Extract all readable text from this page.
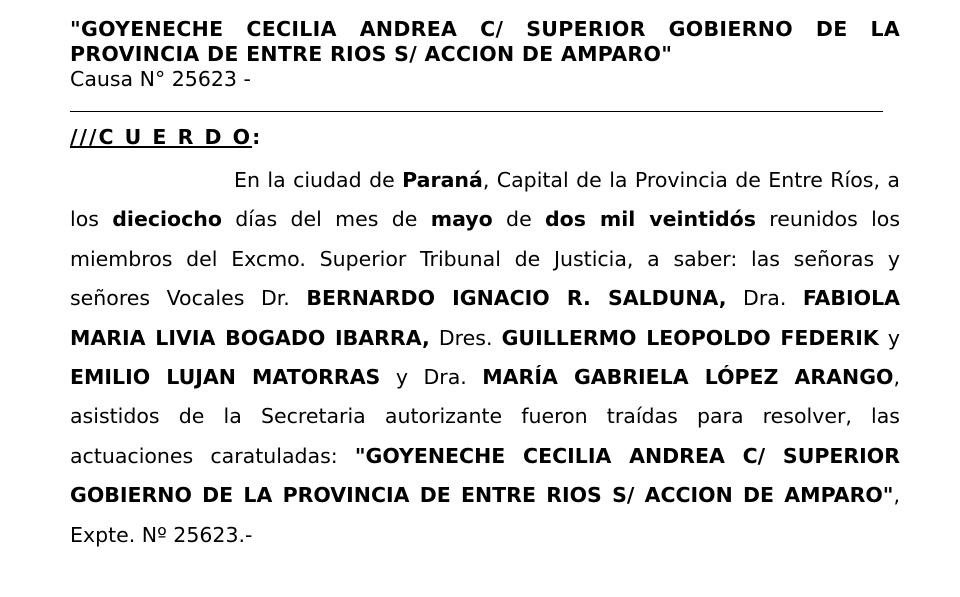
"GOYENECHE CECILIA ANDREA C/ SUPERIOR GOBIERNO DE LA PROVINCIA DE ENTRE RIOS S/ ACCION DE AMPARO"

Causa N° 25623 -

///C U E R D O:

En la ciudad de Paraná, Capital de la Provincia de Entre Ríos, a los dieciocho días del mes de mayo de dos mil veintidós reunidos los miembros del Excmo. Superior Tribunal de Justicia, a saber: las señoras y señores Vocales Dr. BERNARDO IGNACIO R. SALDUNA, Dra. FABIOLA MARIA LIVIA BOGADO IBARRA, Dres. GUILLERMO LEOPOLDO FEDERIK y EMILIO LUJAN MATORRAS y Dra. MARÍA GABRIELA LÓPEZ ARANGO, asistidos de la Secretaria autorizante fueron traídas para resolver, las actuaciones caratuladas: "GOYENECHE CECILIA ANDREA C/ SUPERIOR GOBIERNO DE LA PROVINCIA DE ENTRE RIOS S/ ACCION DE AMPARO", Expte. Nº 25623.-
